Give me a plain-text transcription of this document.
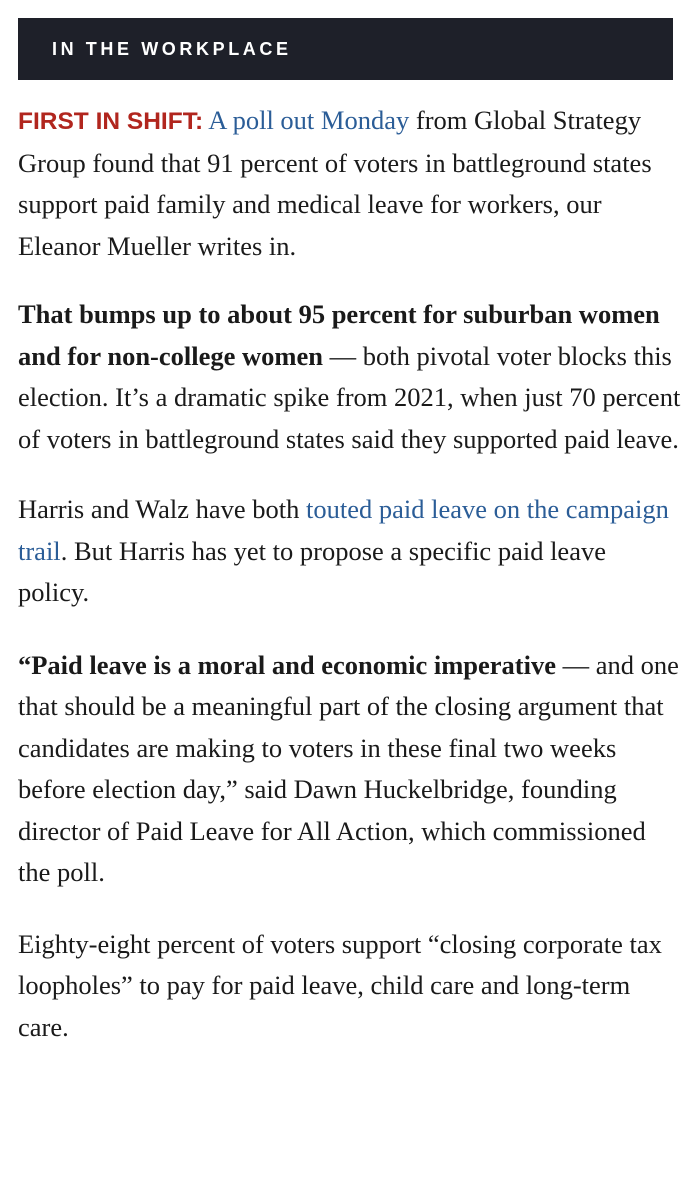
IN THE WORKPLACE

FIRST IN SHIFT: A poll out Monday from Global Strategy Group found that 91 percent of voters in battleground states support paid family and medical leave for workers, our Eleanor Mueller writes in.

That bumps up to about 95 percent for suburban women and for non-college women — both pivotal voter blocks this election. It’s a dramatic spike from 2021, when just 70 percent of voters in battleground states said they supported paid leave.

Harris and Walz have both touted paid leave on the campaign trail. But Harris has yet to propose a specific paid leave policy.

“Paid leave is a moral and economic imperative — and one that should be a meaningful part of the closing argument that candidates are making to voters in these final two weeks before election day,” said Dawn Huckelbridge, founding director of Paid Leave for All Action, which commissioned the poll.

Eighty-eight percent of voters support “closing corporate tax loopholes” to pay for paid leave, child care and long-term care.
